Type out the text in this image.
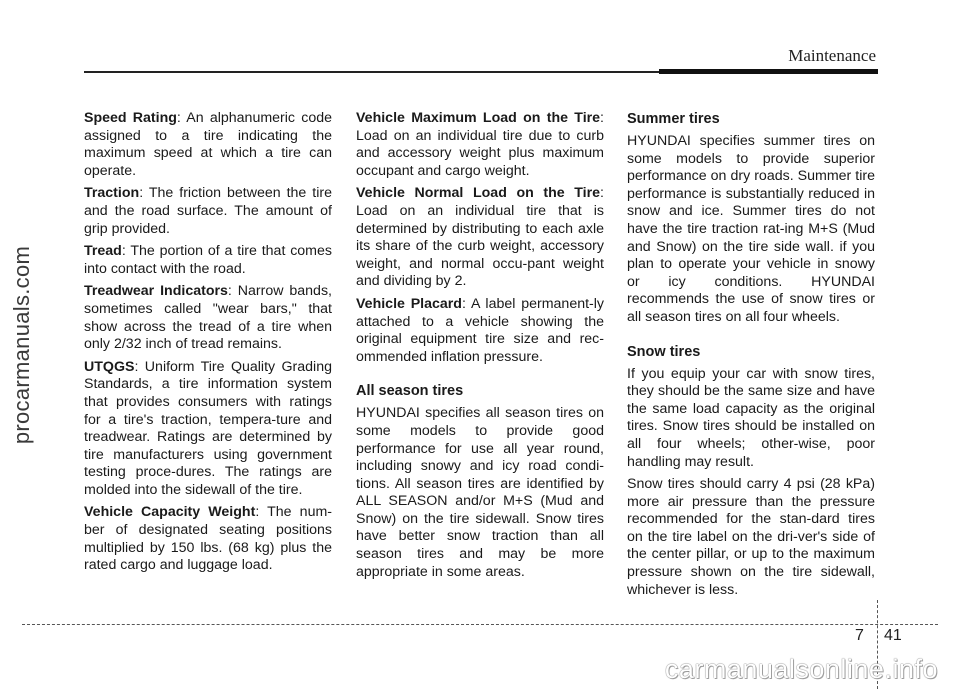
procarmanuals.com
Maintenance

Speed Rating: An alphanumeric code assigned to a tire indicating the maximum speed at which a tire can operate.

Traction: The friction between the tire and the road surface. The amount of grip provided.

Tread: The portion of a tire that comes into contact with the road.

Treadwear Indicators: Narrow bands, sometimes called "wear bars," that show across the tread of a tire when only 2/32 inch of tread remains.

UTQGS: Uniform Tire Quality Grading Standards, a tire information system that provides consumers with ratings for a tire's traction, tempera-ture and treadwear. Ratings are determined by tire manufacturers using government testing proce-dures. The ratings are molded into the sidewall of the tire.

Vehicle Capacity Weight: The num-ber of designated seating positions multiplied by 150 lbs. (68 kg) plus the rated cargo and luggage load.

Vehicle Maximum Load on the Tire: Load on an individual tire due to curb and accessory weight plus maximum occupant and cargo weight.

Vehicle Normal Load on the Tire: Load on an individual tire that is determined by distributing to each axle its share of the curb weight, accessory weight, and normal occu-pant weight and dividing by 2.

Vehicle Placard: A label permanent-ly attached to a vehicle showing the original equipment tire size and rec-ommended inflation pressure.

All season tires

HYUNDAI specifies all season tires on some models to provide good performance for use all year round, including snowy and icy road condi-tions. All season tires are identified by ALL SEASON and/or M+S (Mud and Snow) on the tire sidewall. Snow tires have better snow traction than all season tires and may be more appropriate in some areas.

Summer tires

HYUNDAI specifies summer tires on some models to provide superior performance on dry roads. Summer tire performance is substantially reduced in snow and ice. Summer tires do not have the tire traction rat-ing M+S (Mud and Snow) on the tire side wall. if you plan to operate your vehicle in snowy or icy conditions. HYUNDAI recommends the use of snow tires or all season tires on all four wheels.

Snow tires

If you equip your car with snow tires, they should be the same size and have the same load capacity as the original tires. Snow tires should be installed on all four wheels; other-wise, poor handling may result.

Snow tires should carry 4 psi (28 kPa) more air pressure than the pressure recommended for the stan-dard tires on the tire label on the dri-ver's side of the center pillar, or up to the maximum pressure shown on the tire sidewall, whichever is less.

7 41
carmanualsonline.info
